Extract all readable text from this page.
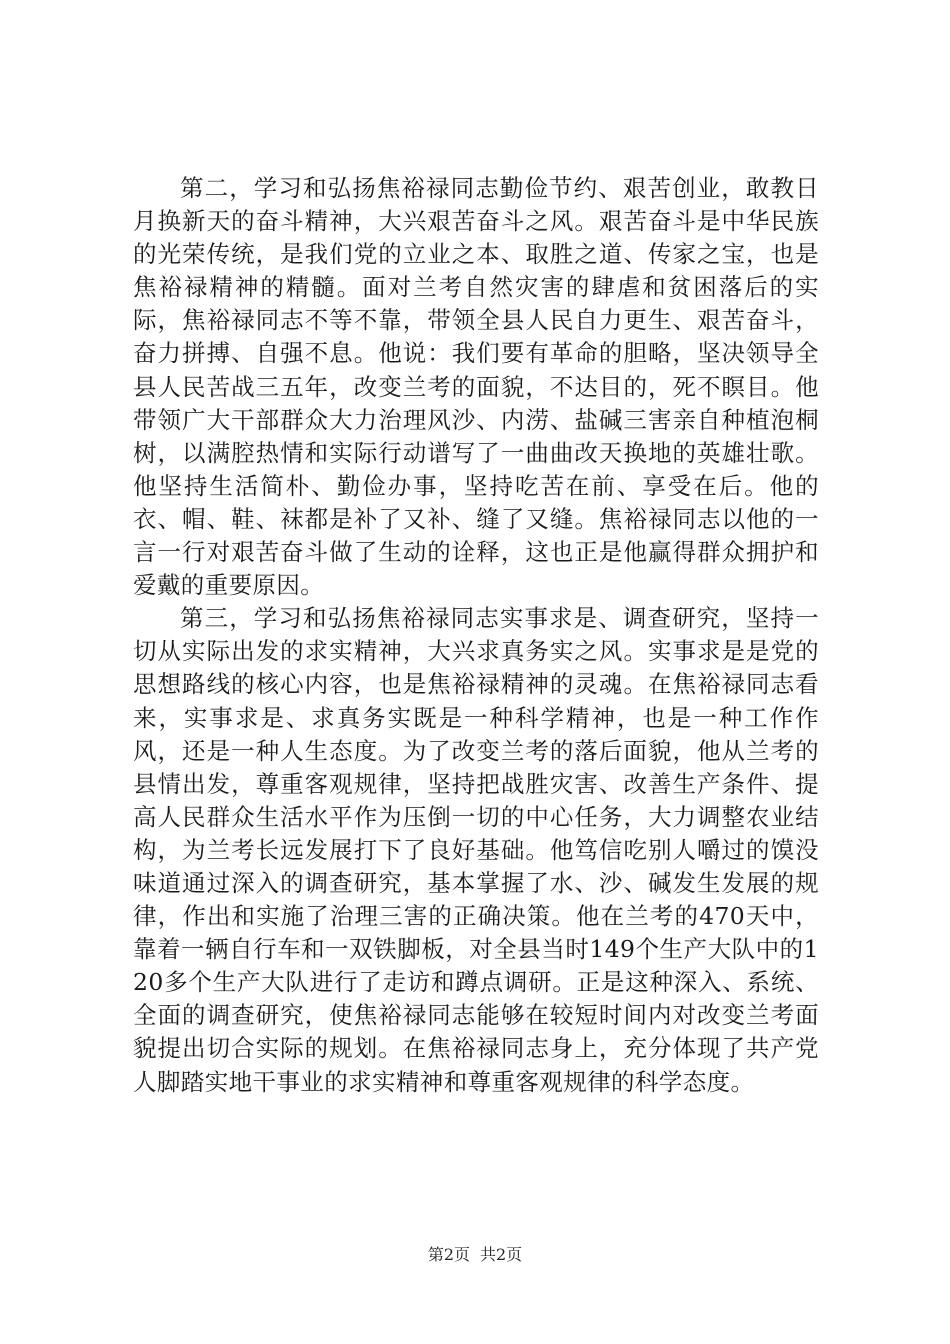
第二，学习和弘扬焦裕禄同志勤俭节约、艰苦创业，敢教日月换新天的奋斗精神，大兴艰苦奋斗之风。艰苦奋斗是中华民族的光荣传统，是我们党的立业之本、取胜之道、传家之宝，也是焦裕禄精神的精髓。面对兰考自然灾害的肆虐和贫困落后的实际，焦裕禄同志不等不靠，带领全县人民自力更生、艰苦奋斗，奋力拼搏、自强不息。他说：我们要有革命的胆略，坚决领导全县人民苦战三五年，改变兰考的面貌，不达目的，死不瞑目。他带领广大干部群众大力治理风沙、内涝、盐碱三害亲自种植泡桐树，以满腔热情和实际行动谱写了一曲曲改天换地的英雄壮歌。他坚持生活简朴、勤俭办事，坚持吃苦在前、享受在后。他的衣、帽、鞋、袜都是补了又补、缝了又缝。焦裕禄同志以他的一言一行对艰苦奋斗做了生动的诠释，这也正是他赢得群众拥护和爱戴的重要原因。

第三，学习和弘扬焦裕禄同志实事求是、调查研究，坚持一切从实际出发的求实精神，大兴求真务实之风。实事求是是党的思想路线的核心内容，也是焦裕禄精神的灵魂。在焦裕禄同志看来，实事求是、求真务实既是一种科学精神，也是一种工作作风，还是一种人生态度。为了改变兰考的落后面貌，他从兰考的县情出发，尊重客观规律，坚持把战胜灾害、改善生产条件、提高人民群众生活水平作为压倒一切的中心任务，大力调整农业结构，为兰考长远发展打下了良好基础。他笃信吃别人嚼过的馍没味道通过深入的调查研究，基本掌握了水、沙、碱发生发展的规律，作出和实施了治理三害的正确决策。他在兰考的470天中，靠着一辆自行车和一双铁脚板，对全县当时149个生产大队中的120多个生产大队进行了走访和蹲点调研。正是这种深入、系统、全面的调查研究，使焦裕禄同志能够在较短时间内对改变兰考面貌提出切合实际的规划。在焦裕禄同志身上，充分体现了共产党人脚踏实地干事业的求实精神和尊重客观规律的科学态度。

第2页 共2页
